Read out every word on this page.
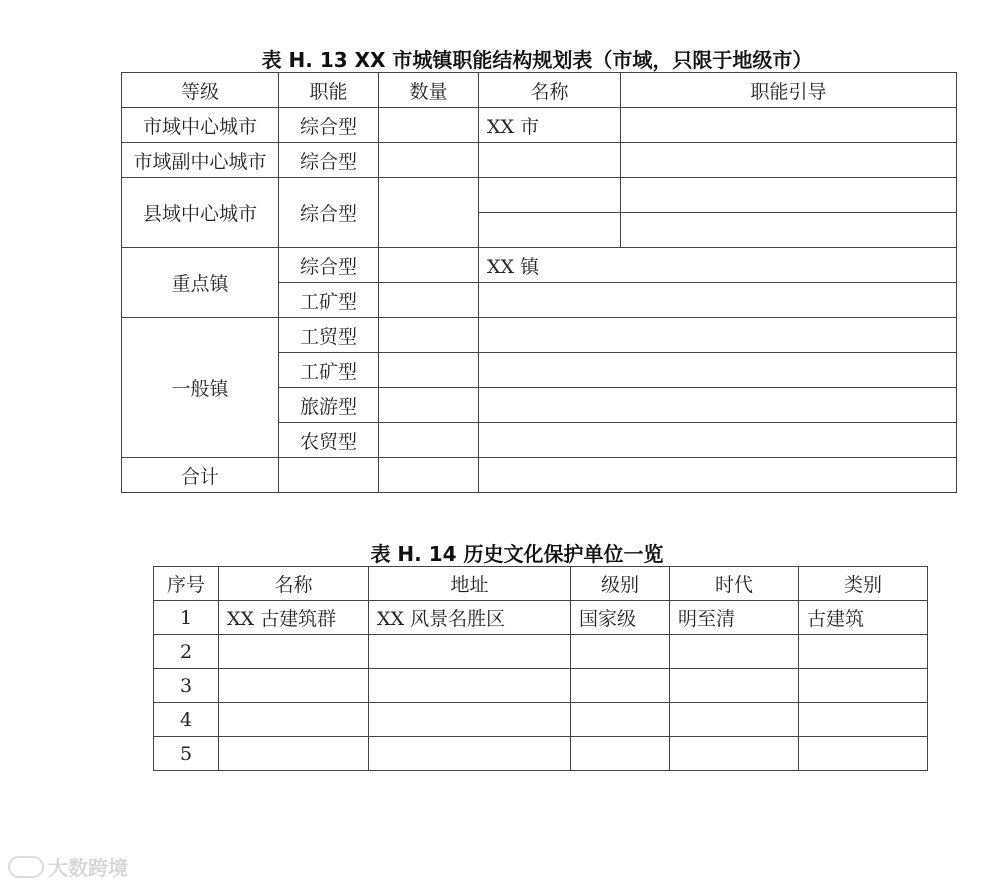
表 H. 13 XX 市城镇职能结构规划表（市域，只限于地级市）
等级	职能	数量	名称	职能引导
市域中心城市	综合型		XX 市	
市域副中心城市	综合型			
县域中心城市	综合型			

重点镇	综合型		XX 镇	
	工矿型			
一般镇	工贸型			
	工矿型			
	旅游型			
	农贸型			
合计				
表 H. 14 历史文化保护单位一览
序号	名称	地址	级别	时代	类别
1	XX 古建筑群	XX 风景名胜区	国家级	明至清	古建筑
2					
3					
4					
5					
大数跨境
